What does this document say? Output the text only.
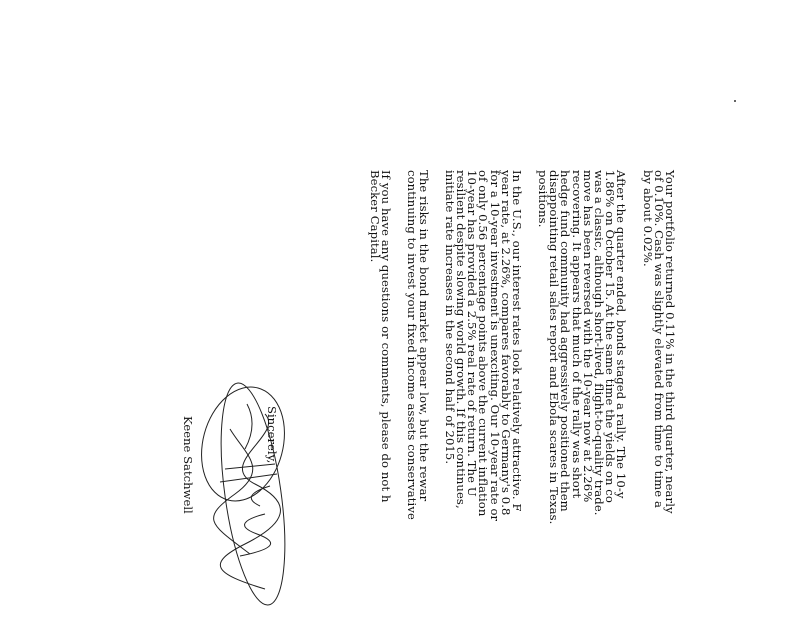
Your portfolio returned 0.11% in the third quarter, nearly
of 0.10%. Cash was slightly elevated from time to time a
by about 0.02%.
After the quarter ended, bonds staged a rally. The 10-y
1.86% on October 15. At the same time the yields on co
was a classic, although short-lived, flight-to-quality trade.
move has been reversed with the 10-year now at 2.26%
recovering. It appears that much of the rally was short
hedge fund community had aggressively positioned them
disappointing retail sales report and Ebola scares in Texas.
positions.
In the U.S., our interest rates look relatively attractive. F
year rate, at 2.26%, compares favorably to Germany's 0.8
for a 10-year investment is unexciting. Our 10-year rate or
of only 0.56 percentage points above the current inflation
10-year has provided a 2.5% real rate of return. The U
resilient despite slowing world growth. If this continues,
initiate rate increases in the second half of 2015.
The risks in the bond market appear low, but the rewar
continuing to invest your fixed income assets conservative
If you have any questions or comments, please do not h
Becker Capital.
Sincerely,
Keene Satchwell
